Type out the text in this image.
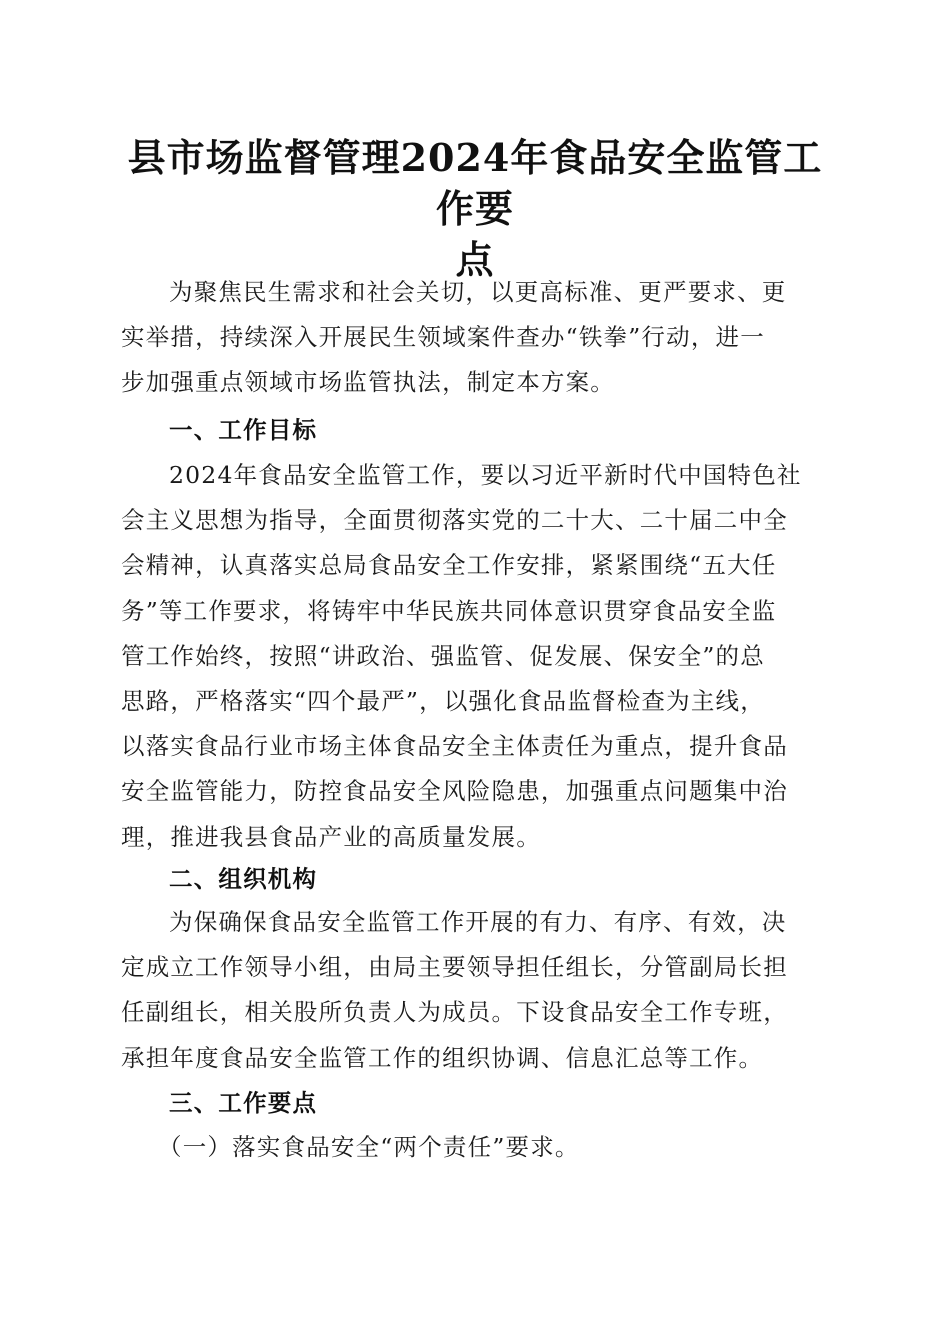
县市场监督管理2024年食品安全监管工作要
点
为聚焦民生需求和社会关切，以更高标准、更严要求、更
实举措，持续深入开展民生领域案件查办“铁拳”行动，进一
步加强重点领域市场监管执法，制定本方案。
一、工作目标
2024年食品安全监管工作，要以习近平新时代中国特色社
会主义思想为指导，全面贯彻落实党的二十大、二十届二中全
会精神，认真落实总局食品安全工作安排，紧紧围绕“五大任
务”等工作要求，将铸牢中华民族共同体意识贯穿食品安全监
管工作始终，按照“讲政治、强监管、促发展、保安全”的总
思路，严格落实“四个最严”，以强化食品监督检查为主线，
以落实食品行业市场主体食品安全主体责任为重点，提升食品
安全监管能力，防控食品安全风险隐患，加强重点问题集中治
理，推进我县食品产业的高质量发展。
二、组织机构
为保确保食品安全监管工作开展的有力、有序、有效，决
定成立工作领导小组，由局主要领导担任组长，分管副局长担
任副组长，相关股所负责人为成员。下设食品安全工作专班，
承担年度食品安全监管工作的组织协调、信息汇总等工作。
三、工作要点

（一）落实食品安全“两个责任”要求。
